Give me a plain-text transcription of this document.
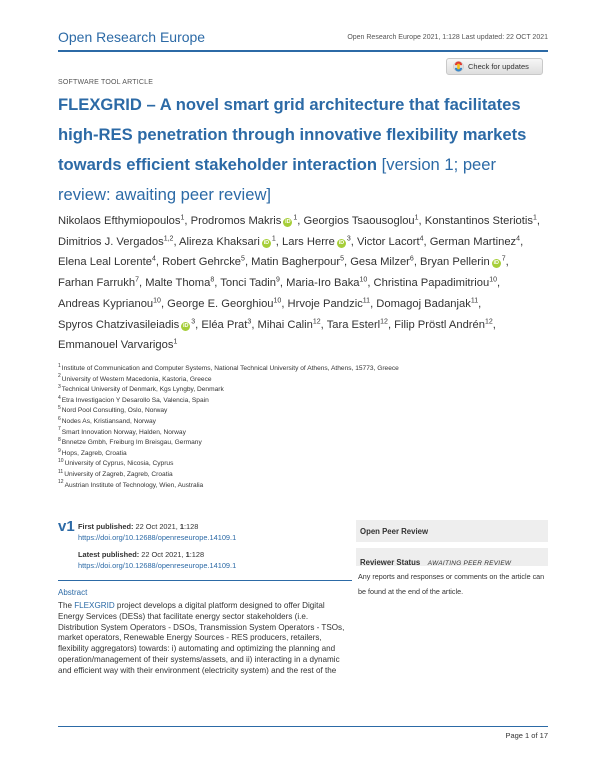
Open Research Europe	Open Research Europe 2021, 1:128 Last updated: 22 OCT 2021
SOFTWARE TOOL ARTICLE
Check for updates
FLEXGRID – A novel smart grid architecture that facilitates high-RES penetration through innovative flexibility markets towards efficient stakeholder interaction [version 1; peer review: awaiting peer review]
Nikolaos Efthymiopoulos$^1$, Prodromos Makris $iD^1$, Georgios Tsaousoglou$^1$, Konstantinos Steriotis$^1$, Dimitrios J. Vergados$^{1,2}$, Alireza Khaksari $iD^1$, Lars Herre $iD^3$, Victor Lacort$^4$, German Martinez$^4$, Elena Leal Lorente$^4$, Robert Gehrcke$^5$, Matin Bagherpour$^5$, Gesa Milzer$^6$, Bryan Pellerin $iD^7$, Farhan Farrukh$^7$, Malte Thoma$^8$, Tonci Tadin$^9$, Maria-Iro Baka$^{10}$, Christina Papadimitriou$^{10}$, Andreas Kyprianou$^{10}$, George E. Georghiou$^{10}$, Hrvoje Pandzic$^{11}$, Domagoj Badanjak$^{11}$, Spyros Chatzivasileiadis $iD^3$, Eléa Prat$^3$, Mihai Calin$^{12}$, Tara Esterl$^{12}$, Filip Pröstl Andrén$^{12}$, Emmanouel Varvarigos$^1$
$^1$Institute of Communication and Computer Systems, National Technical University of Athens, Athens, 15773, Greece
$^2$University of Western Macedonia, Kastoria, Greece
$^3$Technical University of Denmark, Kgs Lyngby, Denmark
$^4$Etra Investigacion Y Desarollo Sa, Valencia, Spain
$^5$Nord Pool Consulting, Oslo, Norway
$^6$Nodes As, Kristiansand, Norway
$^7$Smart Innovation Norway, Halden, Norway
$^8$Bnnetze Gmbh, Freiburg Im Breisgau, Germany
$^9$Hops, Zagreb, Croatia
$^{10}$University of Cyprus, Nicosia, Cyprus
$^{11}$University of Zagreb, Zagreb, Croatia
$^{12}$Austrian Institute of Technology, Wien, Australia
v1 First published: 22 Oct 2021, 1:128
https://doi.org/10.12688/openreseurope.14109.1
Latest published: 22 Oct 2021, 1:128
https://doi.org/10.12688/openreseurope.14109.1
Open Peer Review
Reviewer Status AWAITING PEER REVIEW
Any reports and responses or comments on the article can be found at the end of the article.
Abstract
The FLEXGRID project develops a digital platform designed to offer Digital Energy Services (DESs) that facilitate energy sector stakeholders (i.e. Distribution System Operators - DSOs, Transmission System Operators - TSOs, market operators, Renewable Energy Sources - RES producers, retailers, flexibility aggregators) towards: i) automating and optimizing the planning and operation/management of their systems/assets, and ii) interacting in a dynamic and efficient way with their environment (electricity system) and the rest of the
Page 1 of 17
